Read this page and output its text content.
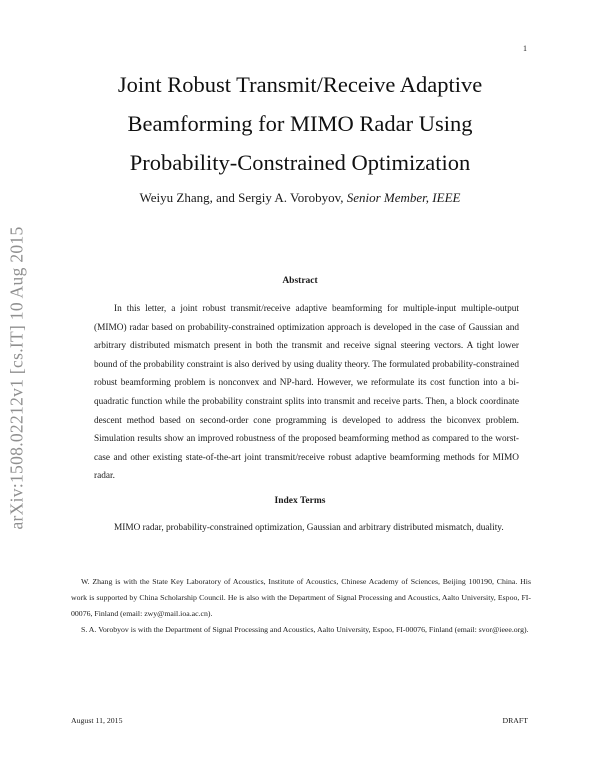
1
arXiv:1508.02212v1 [cs.IT] 10 Aug 2015
Joint Robust Transmit/Receive Adaptive
Beamforming for MIMO Radar Using
Probability-Constrained Optimization
Weiyu Zhang, and Sergiy A. Vorobyov, Senior Member, IEEE
Abstract
In this letter, a joint robust transmit/receive adaptive beamforming for multiple-input multiple-output (MIMO) radar based on probability-constrained optimization approach is developed in the case of Gaussian and arbitrary distributed mismatch present in both the transmit and receive signal steering vectors. A tight lower bound of the probability constraint is also derived by using duality theory. The formulated probability-constrained robust beamforming problem is nonconvex and NP-hard. However, we reformulate its cost function into a bi-quadratic function while the probability constraint splits into transmit and receive parts. Then, a block coordinate descent method based on second-order cone programming is developed to address the biconvex problem. Simulation results show an improved robustness of the proposed beamforming method as compared to the worst-case and other existing state-of-the-art joint transmit/receive robust adaptive beamforming methods for MIMO radar.
Index Terms
MIMO radar, probability-constrained optimization, Gaussian and arbitrary distributed mismatch, duality.
W. Zhang is with the State Key Laboratory of Acoustics, Institute of Acoustics, Chinese Academy of Sciences, Beijing 100190, China. His work is supported by China Scholarship Council. He is also with the Department of Signal Processing and Acoustics, Aalto University, Espoo, FI-00076, Finland (email: zwy@mail.ioa.ac.cn).
S. A. Vorobyov is with the Department of Signal Processing and Acoustics, Aalto University, Espoo, FI-00076, Finland (email: svor@ieee.org).
August 11, 2015	DRAFT
